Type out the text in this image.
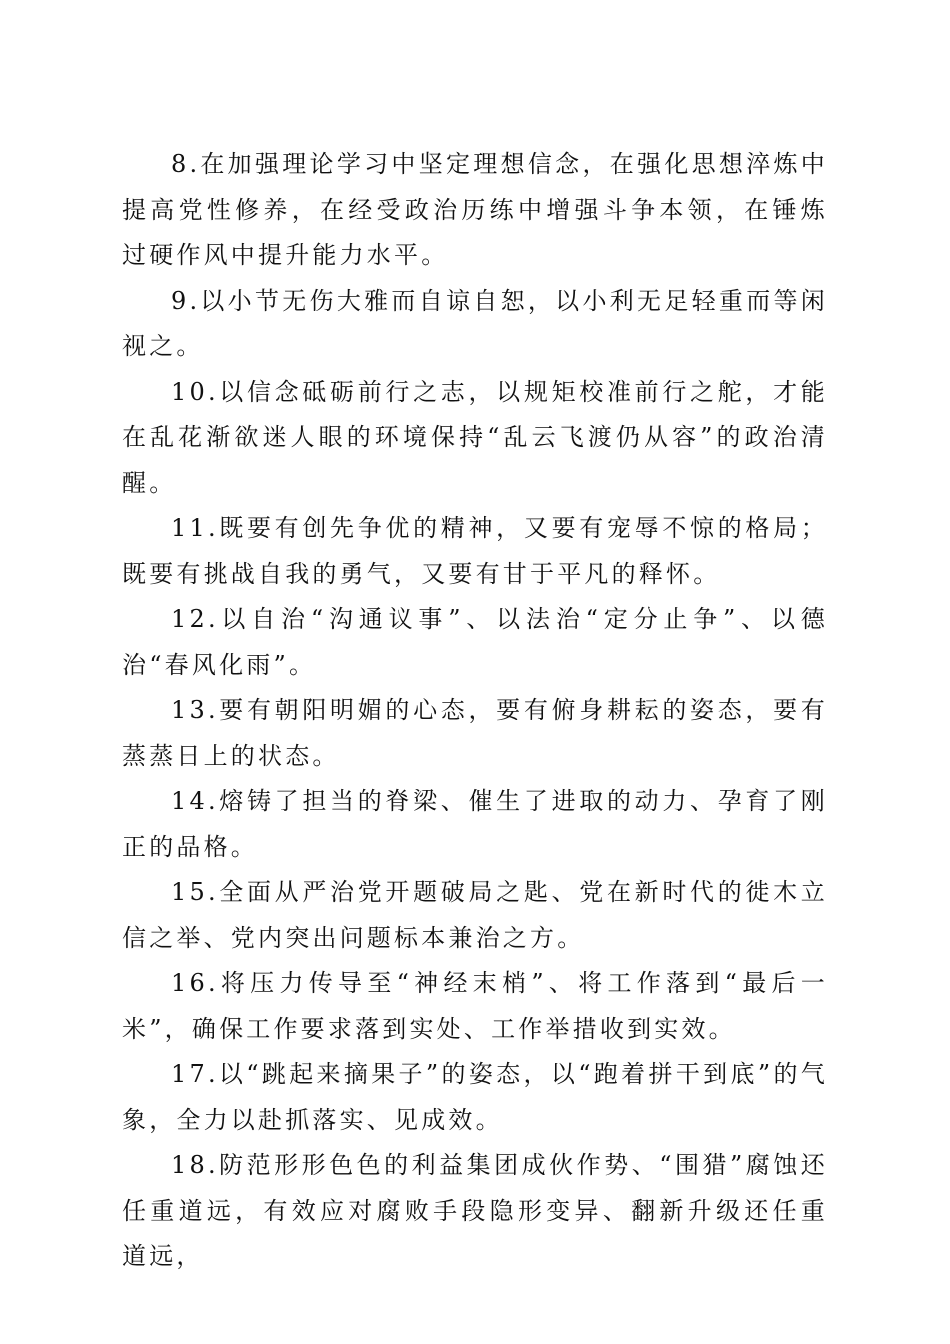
8.在加强理论学习中坚定理想信念，在强化思想淬炼中提高党性修养，在经受政治历练中增强斗争本领，在锤炼过硬作风中提升能力水平。

9.以小节无伤大雅而自谅自恕，以小利无足轻重而等闲视之。

10.以信念砥砺前行之志，以规矩校准前行之舵，才能在乱花渐欲迷人眼的环境保持“乱云飞渡仍从容”的政治清醒。

11.既要有创先争优的精神，又要有宠辱不惊的格局；既要有挑战自我的勇气，又要有甘于平凡的释怀。

12.以自治“沟通议事”、以法治“定分止争”、以德治“春风化雨”。

13.要有朝阳明媚的心态，要有俯身耕耘的姿态，要有蒸蒸日上的状态。

14.熔铸了担当的脊梁、催生了进取的动力、孕育了刚正的品格。

15.全面从严治党开题破局之匙、党在新时代的徙木立信之举、党内突出问题标本兼治之方。

16.将压力传导至“神经末梢”、将工作落到“最后一米”，确保工作要求落到实处、工作举措收到实效。

17.以“跳起来摘果子”的姿态，以“跑着拼干到底”的气象，全力以赴抓落实、见成效。

18.防范形形色色的利益集团成伙作势、“围猎”腐蚀还任重道远，有效应对腐败手段隐形变异、翻新升级还任重道远，
